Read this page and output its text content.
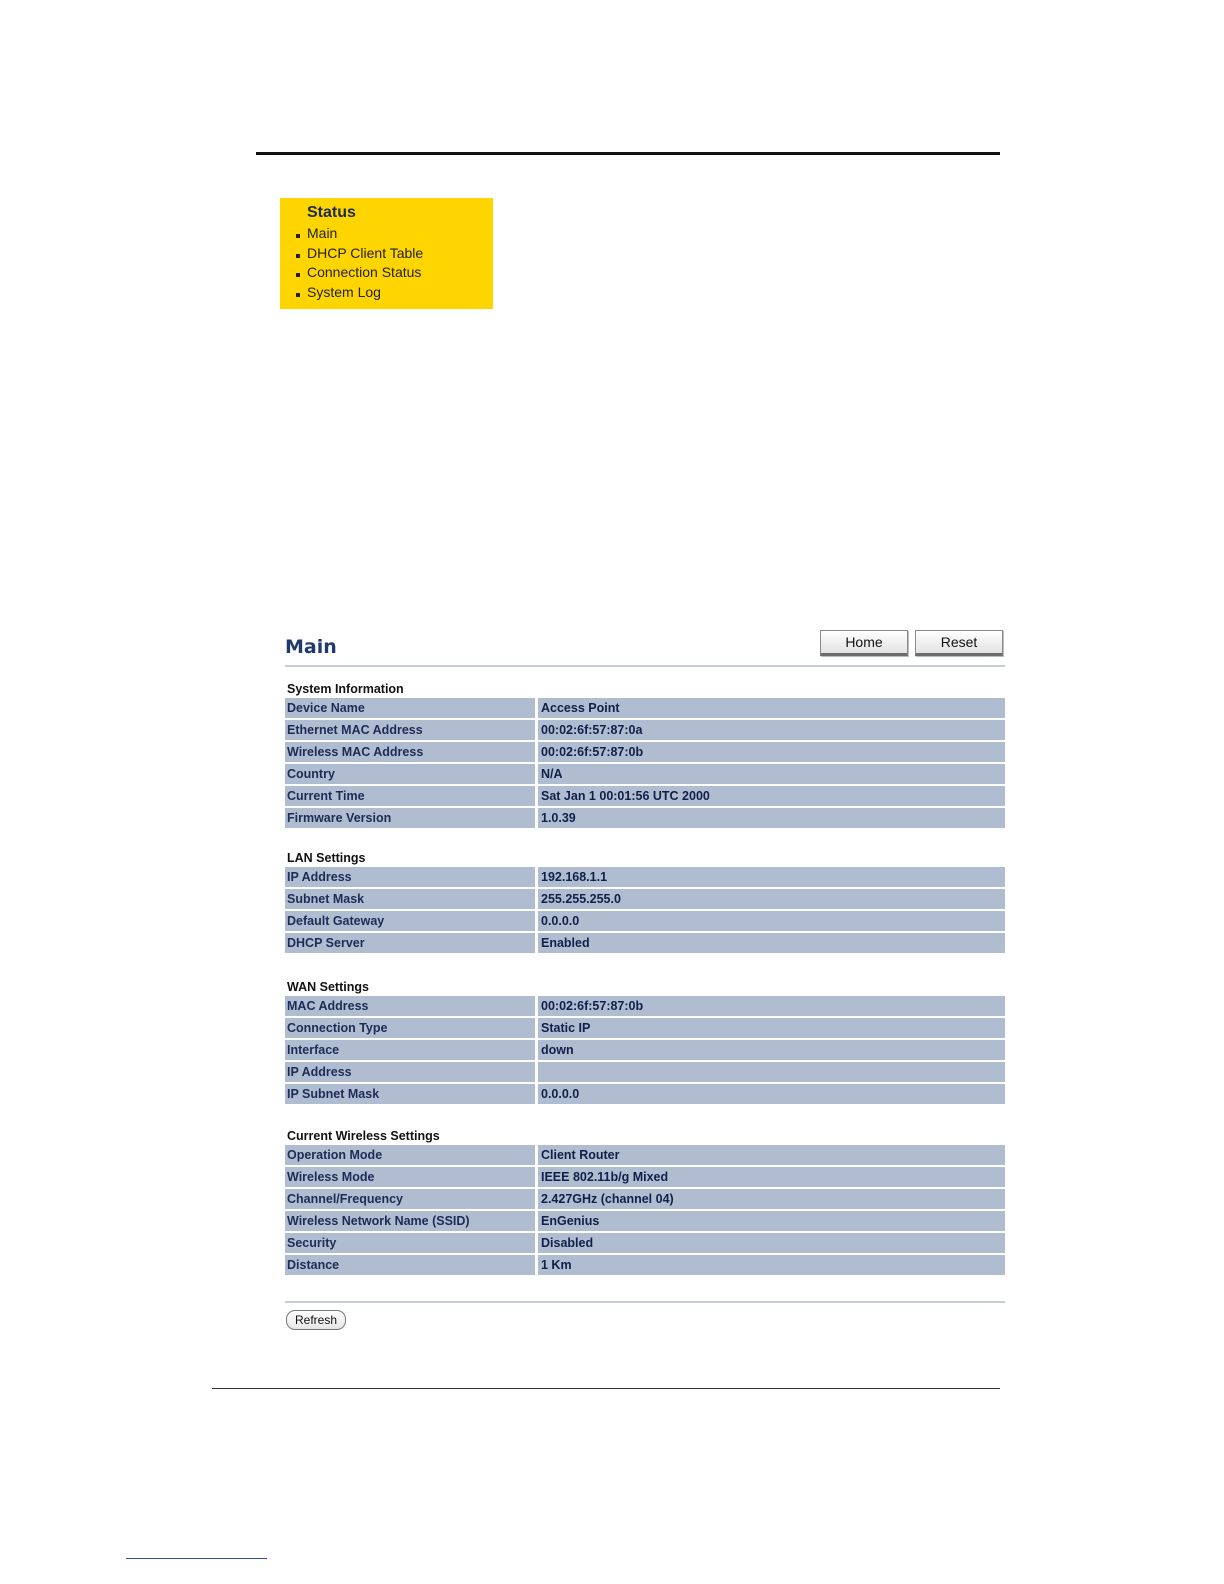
Status
Main
DHCP Client Table
Connection Status
System Log
Main	Home	Reset
System Information
Device Name	Access Point
Ethernet MAC Address	00:02:6f:57:87:0a
Wireless MAC Address	00:02:6f:57:87:0b
Country	N/A
Current Time	Sat Jan 1 00:01:56 UTC 2000
Firmware Version	1.0.39
LAN Settings
IP Address	192.168.1.1
Subnet Mask	255.255.255.0
Default Gateway	0.0.0.0
DHCP Server	Enabled
WAN Settings
MAC Address	00:02:6f:57:87:0b
Connection Type	Static IP
Interface	down
IP Address
IP Subnet Mask	0.0.0.0
Current Wireless Settings
Operation Mode	Client Router
Wireless Mode	IEEE 802.11b/g Mixed
Channel/Frequency	2.427GHz (channel 04)
Wireless Network Name (SSID)	EnGenius
Security	Disabled
Distance	1 Km
Refresh
